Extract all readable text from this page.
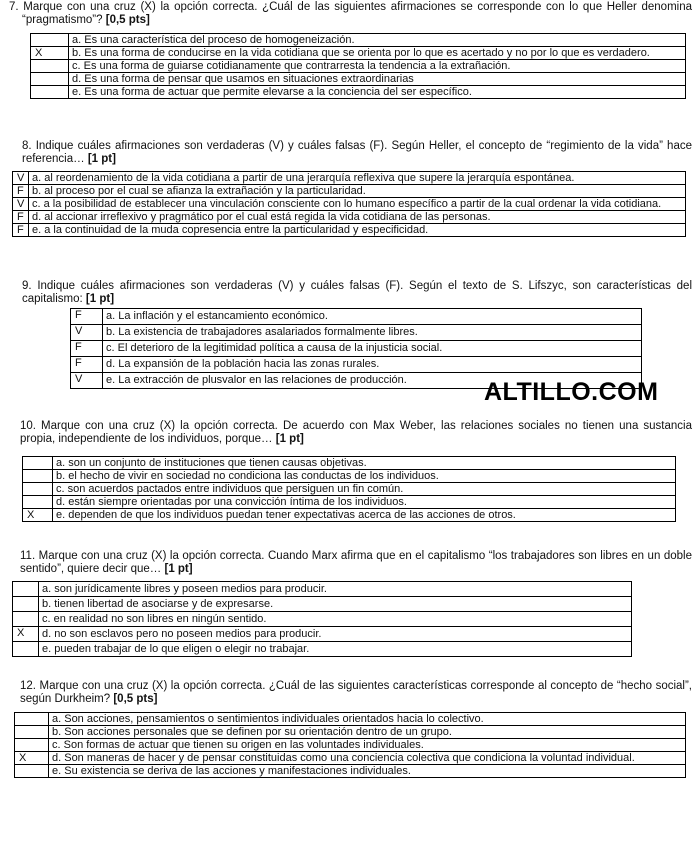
7. Marque con una cruz (X) la opción correcta. ¿Cuál de las siguientes afirmaciones se corresponde con lo que Heller denomina “pragmatismo”? [0,5 pts]

	a. Es una característica del proceso de homogeneización.
X	b. Es una forma de conducirse en la vida cotidiana que se orienta por lo que es acertado y no por lo que es verdadero.
	c. Es una forma de guiarse cotidianamente que contrarresta la tendencia a la extrañación.
	d. Es una forma de pensar que usamos en situaciones extraordinarias
	e. Es una forma de actuar que permite elevarse a la conciencia del ser específico.

8. Indique cuáles afirmaciones son verdaderas (V) y cuáles falsas (F). Según Heller, el concepto de “regimiento de la vida” hace referencia… [1 pt]

V	a. al reordenamiento de la vida cotidiana a partir de una jerarquía reflexiva que supere la jerarquía espontánea.
F	b. al proceso por el cual se afianza la extrañación y la particularidad.
V	c. a la posibilidad de establecer una vinculación consciente con lo humano específico a partir de la cual ordenar la vida cotidiana.
F	d. al accionar irreflexivo y pragmático por el cual está regida la vida cotidiana de las personas.
F	e. a la continuidad de la muda copresencia entre la particularidad y especificidad.

9. Indique cuáles afirmaciones son verdaderas (V) y cuáles falsas (F). Según el texto de S. Lifszyc, son características del capitalismo: [1 pt]

F	a. La inflación y el estancamiento económico.
V	b. La existencia de trabajadores asalariados formalmente libres.
F	c. El deterioro de la legitimidad política a causa de la injusticia social.
F	d. La expansión de la población hacia las zonas rurales.
V	e. La extracción de plusvalor en las relaciones de producción.	ALTILLO.COM

10. Marque con una cruz (X) la opción correcta. De acuerdo con Max Weber, las relaciones sociales no tienen una sustancia propia, independiente de los individuos, porque… [1 pt]

	a. son un conjunto de instituciones que tienen causas objetivas.
	b. el hecho de vivir en sociedad no condiciona las conductas de los individuos.
	c. son acuerdos pactados entre individuos que persiguen un fin común.
	d. están siempre orientadas por una convicción íntima de los individuos.
X	e. dependen de que los individuos puedan tener expectativas acerca de las acciones de otros.

11. Marque con una cruz (X) la opción correcta. Cuando Marx afirma que en el capitalismo “los trabajadores son libres en un doble sentido”, quiere decir que… [1 pt]

	a. son jurídicamente libres y poseen medios para producir.
	b. tienen libertad de asociarse y de expresarse.
	c. en realidad no son libres en ningún sentido.
X	d. no son esclavos pero no poseen medios para producir.
	e. pueden trabajar de lo que eligen o elegir no trabajar.

12. Marque con una cruz (X) la opción correcta. ¿Cuál de las siguientes características corresponde al concepto de “hecho social”, según Durkheim? [0,5 pts]

	a. Son acciones, pensamientos o sentimientos individuales orientados hacia lo colectivo.
	b. Son acciones personales que se definen por su orientación dentro de un grupo.
	c. Son formas de actuar que tienen su origen en las voluntades individuales.
X	d. Son maneras de hacer y de pensar constituidas como una conciencia colectiva que condiciona la voluntad individual.
	e. Su existencia se deriva de las acciones y manifestaciones individuales.
